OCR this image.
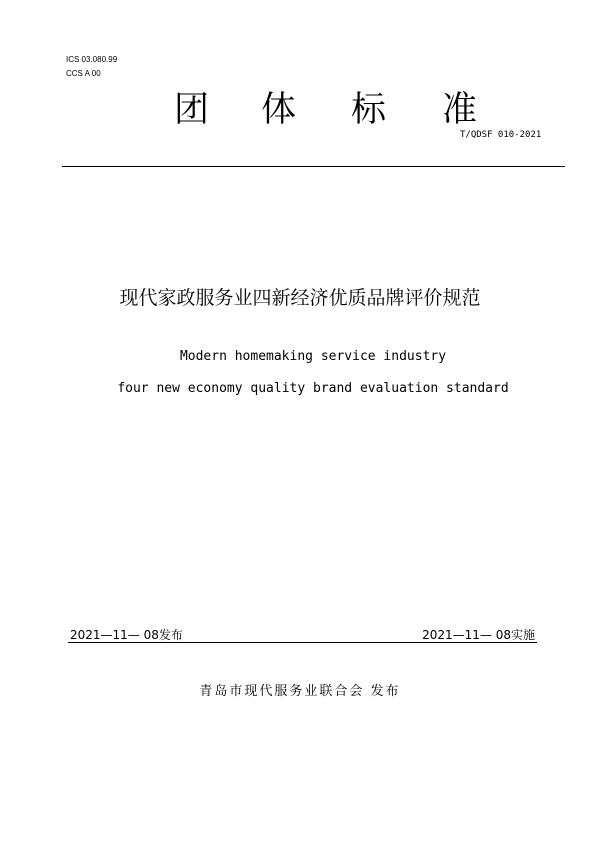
ICS 03.080.99
CCS A 00
团 体 标 准
T/QDSF 010-2021
现代家政服务业四新经济优质品牌评价规范
Modern homemaking service industry
four new economy quality brand evaluation standard
2021—11— 08发布	2021—11— 08实施
青岛市现代服务业联合会 发布
